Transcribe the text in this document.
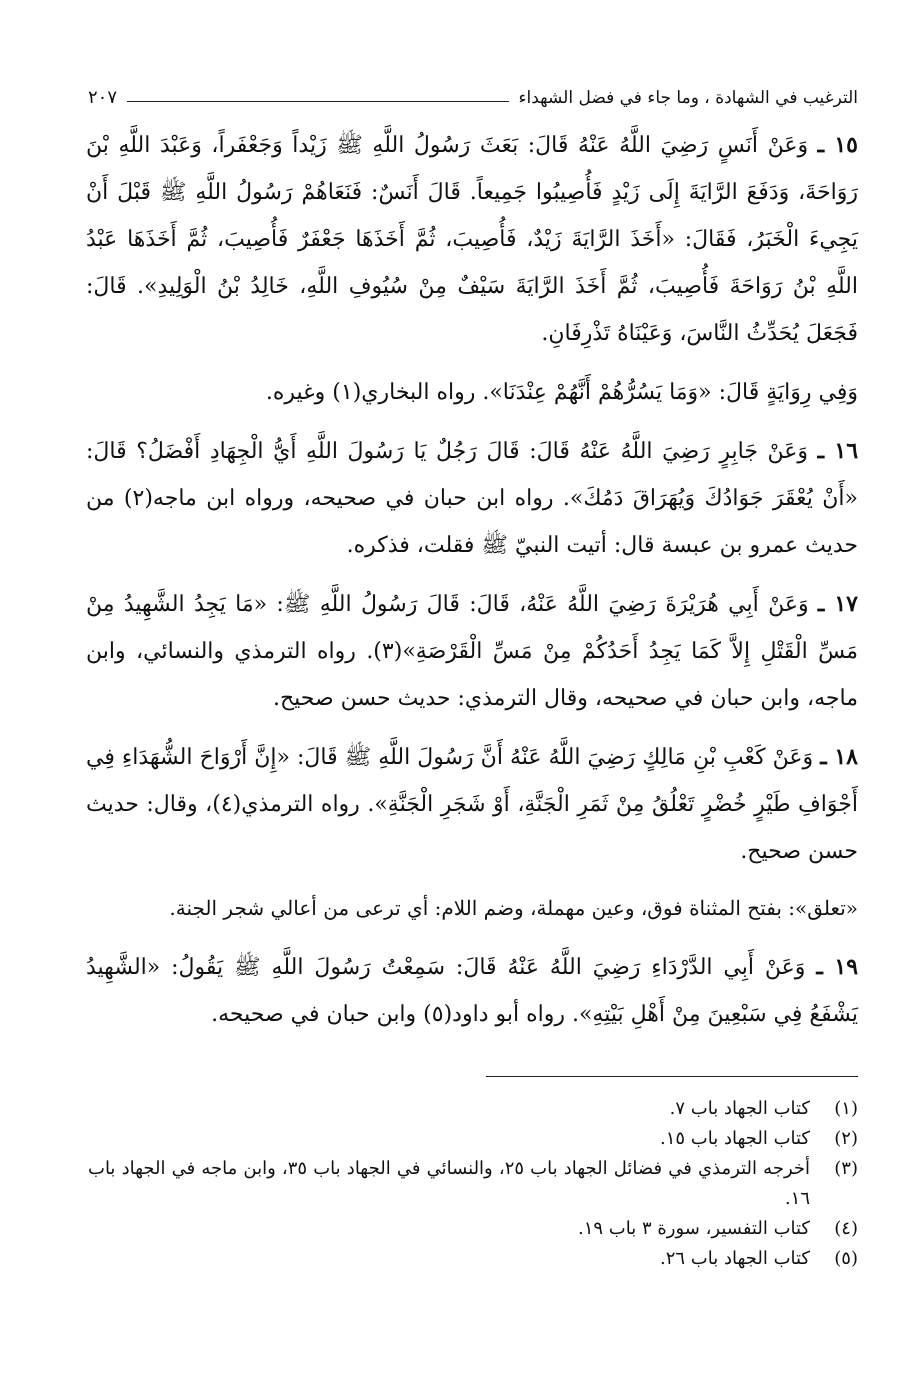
الترغيب في الشهادة ، وما جاء في فضل الشهداء
٢٠٧

١٥ ـ وَعَنْ أَنَسٍ رَضِيَ اللَّهُ عَنْهُ قَالَ: بَعَثَ رَسُولُ اللَّهِ ﷺ زَيْداً وَجَعْفَراً، وَعَبْدَ اللَّهِ بْنَ رَوَاحَةَ، وَدَفَعَ الرَّايَةَ إِلَى زَيْدٍ فَأُصِيبُوا جَمِيعاً. قَالَ أَنَسٌ: فَنَعَاهُمْ رَسُولُ اللَّهِ ﷺ قَبْلَ أَنْ يَجِيءَ الْخَبَرُ، فَقَالَ: «أَخَذَ الرَّايَةَ زَيْدٌ، فَأُصِيبَ، ثُمَّ أَخَذَهَا جَعْفَرٌ فَأُصِيبَ، ثُمَّ أَخَذَهَا عَبْدُ اللَّهِ بْنُ رَوَاحَةَ فَأُصِيبَ، ثُمَّ أَخَذَ الرَّايَةَ سَيْفٌ مِنْ سُيُوفِ اللَّهِ، خَالِدُ بْنُ الْوَلِيدِ». قَالَ: فَجَعَلَ يُحَدِّثُ النَّاسَ، وَعَيْنَاهُ تَذْرِفَانِ.

وَفِي رِوَايَةٍ قَالَ: «وَمَا يَسُرُّهُمْ أَنَّهُمْ عِنْدَنَا». رواه البخاري(١) وغيره.

١٦ ـ وَعَنْ جَابِرٍ رَضِيَ اللَّهُ عَنْهُ قَالَ: قَالَ رَجُلٌ يَا رَسُولَ اللَّهِ أَيُّ الْجِهَادِ أَفْضَلُ؟ قَالَ: «أَنْ يُعْقَرَ جَوَادُكَ وَيُهَرَاقَ دَمُكَ». رواه ابن حبان في صحيحه، ورواه ابن ماجه(٢) من حديث عمرو بن عبسة قال: أتيت النبيّ ﷺ فقلت، فذكره.

١٧ ـ وَعَنْ أَبِي هُرَيْرَةَ رَضِيَ اللَّهُ عَنْهُ، قَالَ: قَالَ رَسُولُ اللَّهِ ﷺ: «مَا يَجِدُ الشَّهِيدُ مِنْ مَسِّ الْقَتْلِ إِلاَّ كَمَا يَجِدُ أَحَدُكُمْ مِنْ مَسِّ الْقَرْصَةِ»(٣). رواه الترمذي والنسائي، وابن ماجه، وابن حبان في صحيحه، وقال الترمذي: حديث حسن صحيح.

١٨ ـ وَعَنْ كَعْبِ بْنِ مَالِكٍ رَضِيَ اللَّهُ عَنْهُ أَنَّ رَسُولَ اللَّهِ ﷺ قَالَ: «إِنَّ أَرْوَاحَ الشُّهَدَاءِ فِي أَجْوَافِ طَيْرٍ خُضْرٍ تَعْلُقُ مِنْ ثَمَرِ الْجَنَّةِ، أَوْ شَجَرِ الْجَنَّةِ». رواه الترمذي(٤)، وقال: حديث حسن صحيح.

«تعلق»: بفتح المثناة فوق، وعين مهملة، وضم اللام: أي ترعى من أعالي شجر الجنة.

١٩ ـ وَعَنْ أَبِي الدَّرْدَاءِ رَضِيَ اللَّهُ عَنْهُ قَالَ: سَمِعْتُ رَسُولَ اللَّهِ ﷺ يَقُولُ: «الشَّهِيدُ يَشْفَعُ فِي سَبْعِينَ مِنْ أَهْلِ بَيْتِهِ». رواه أبو داود(٥) وابن حبان في صحيحه.

(١)
كتاب الجهاد باب ٧.
(٢)
كتاب الجهاد باب ١٥.
(٣)
أخرجه الترمذي في فضائل الجهاد باب ٢٥، والنسائي في الجهاد باب ٣٥، وابن ماجه في الجهاد باب ١٦.
(٤)
كتاب التفسير، سورة ٣ باب ١٩.
(٥)
كتاب الجهاد باب ٢٦.
